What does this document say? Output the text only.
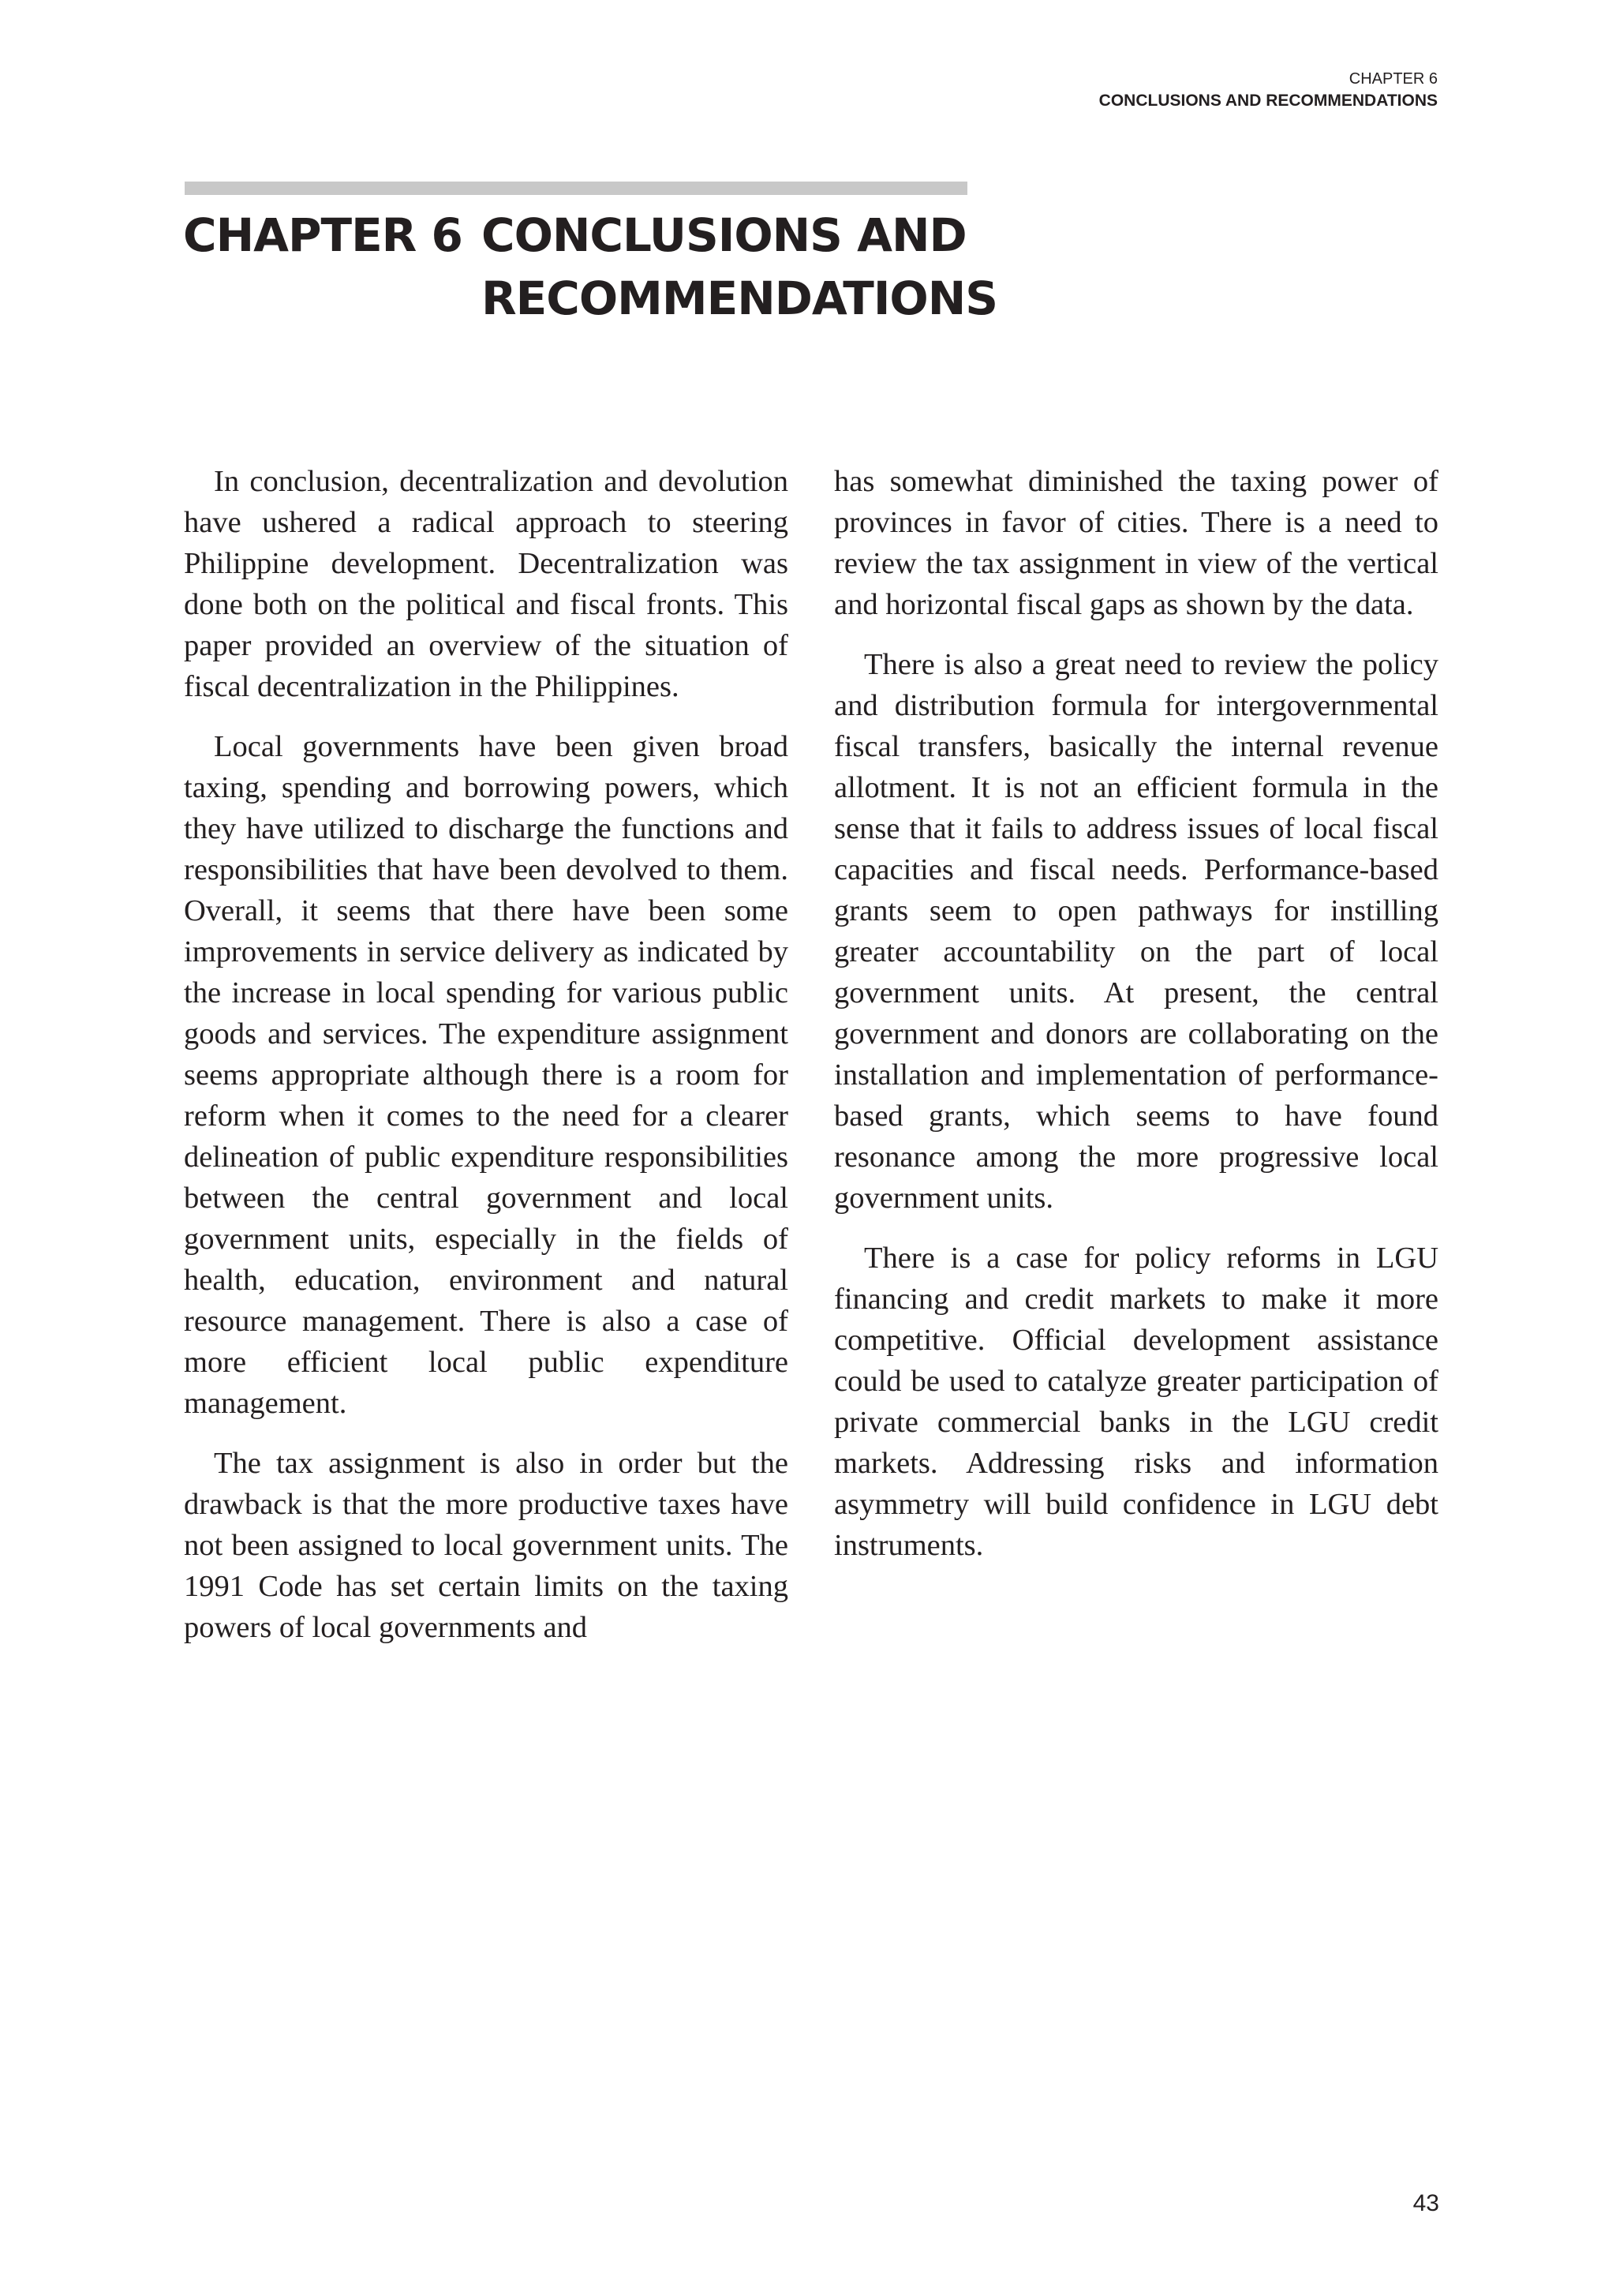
CHAPTER 6
CONCLUSIONS AND RECOMMENDATIONS
CHAPTER 6 CONCLUSIONS AND RECOMMENDATIONS

In conclusion, decentralization and devolution have ushered a radical approach to steering Philippine development. Decentralization was done both on the political and fiscal fronts. This paper provided an overview of the situation of fiscal decentralization in the Philippines.

Local governments have been given broad taxing, spending and borrowing powers, which they have utilized to discharge the functions and responsibilities that have been devolved to them. Overall, it seems that there have been some improvements in service delivery as indicated by the increase in local spending for various public goods and services. The expenditure assignment seems appropriate although there is a room for reform when it comes to the need for a clearer delineation of public expenditure responsibilities between the central government and local government units, especially in the fields of health, education, environment and natural resource management. There is also a case of more efficient local public expenditure management.

The tax assignment is also in order but the drawback is that the more productive taxes have not been assigned to local government units. The 1991 Code has set certain limits on the taxing powers of local governments and

has somewhat diminished the taxing power of provinces in favor of cities. There is a need to review the tax assignment in view of the vertical and horizontal fiscal gaps as shown by the data.

There is also a great need to review the policy and distribution formula for intergovernmental fiscal transfers, basically the internal revenue allotment. It is not an efficient formula in the sense that it fails to address issues of local fiscal capacities and fiscal needs. Performance-based grants seem to open pathways for instilling greater accountability on the part of local government units. At present, the central government and donors are collaborating on the installation and implementation of performance-based grants, which seems to have found resonance among the more progressive local government units.

There is a case for policy reforms in LGU financing and credit markets to make it more competitive. Official development assistance could be used to catalyze greater participation of private commercial banks in the LGU credit markets. Addressing risks and information asymmetry will build confidence in LGU debt instruments.

43
